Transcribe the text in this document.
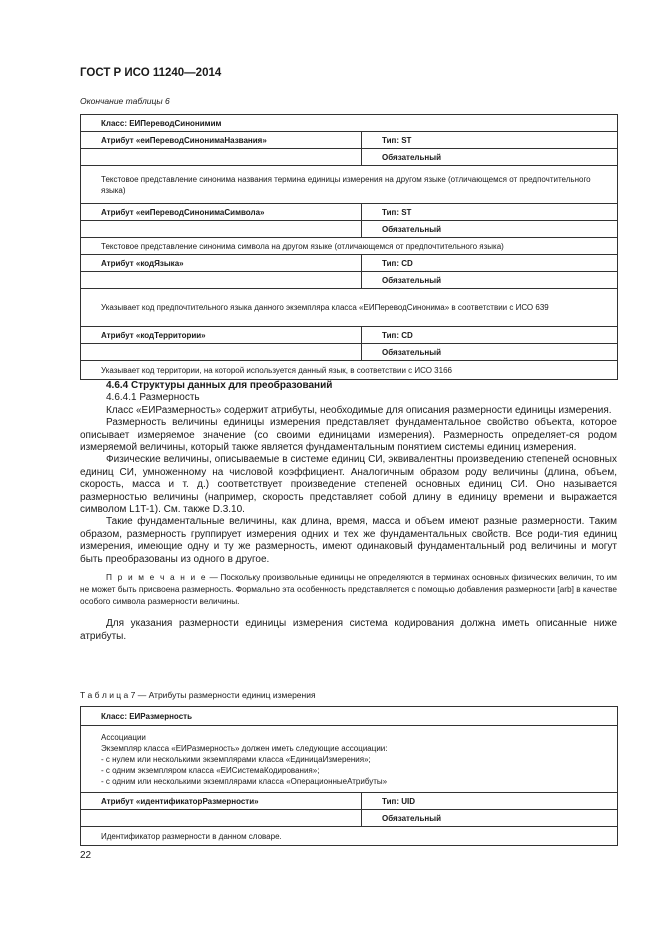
ГОСТ Р ИСО 11240—2014
Окончание таблицы 6
Класс: ЕИПереводСинонимим	
Атрибут «еиПереводСинонимаНазвания»	Тип: ST
	Обязательный
Текстовое представление синонима названия термина единицы измерения на другом языке (отличающемся от предпочтительного языка)	
Атрибут «еиПереводСинонимаСимвола»	Тип: ST
	Обязательный
Текстовое представление синонима символа на другом языке (отличающемся от предпочтительного языка)	
Атрибут «кодЯзыка»	Тип: CD
	Обязательный
Указывает код предпочтительного языка данного экземпляра класса «ЕИПереводСинонима» в соответствии с ИСО 639	
Атрибут «кодТерритории»	Тип: CD
	Обязательный
Указывает код территории, на которой используется данный язык, в соответствии с ИСО 3166	

4.6.4 Структуры данных для преобразований

4.6.4.1 Размерность

Класс «ЕИРазмерность» содержит атрибуты, необходимые для описания размерности единицы измерения.

Размерность величины единицы измерения представляет фундаментальное свойство объекта, которое описывает измеряемое значение (со своими единицами измерения). Размерность определяет-ся родом измеряемой величины, который также является фундаментальным понятием системы единиц измерения.

Физические величины, описываемые в системе единиц СИ, эквивалентны произведению степеней основных единиц СИ, умноженному на числовой коэффициент. Аналогичным образом роду величины (длина, объем, скорость, масса и т. д.) соответствует произведение степеней основных единиц СИ. Оно называется размерностью величины (например, скорость представляет собой длину в единицу времени и выражается символом L1T-1). См. также D.3.10.

Такие фундаментальные величины, как длина, время, масса и объем имеют разные размерности. Таким образом, размерность группирует измерения одних и тех же фундаментальных свойств. Все роди-тия единиц измерения, имеющие одну и ту же размерность, имеют одинаковый фундаментальный род величины и могут быть преобразованы из одного в другое.

П р и м е ч а н и е — Поскольку произвольные единицы не определяются в терминах основных физических величин, то им не может быть присвоена размерность. Формально эта особенность представляется с помощью добавления размерности [arb] в качестве особого символа размерности величины.

Для указания размерности единицы измерения система кодирования должна иметь описанные ниже атрибуты.

Т а б л и ц а 7 — Атрибуты размерности единиц измерения
Класс: ЕИРазмерность	

Ассоциации
Экземпляр класса «ЕИРазмерность» должен иметь следующие ассоциации:
- с нулем или несколькими экземплярами класса «ЕдиницаИзмерения»;
- с одним экземпляром класса «ЕИСистемаКодирования»;
- с одним или несколькими экземплярами класса «ОперационныеАтрибуты»	

Атрибут «идентификаторРазмерности»	Тип: UID
	Обязательный
Идентификатор размерности в данном словаре.	
22
